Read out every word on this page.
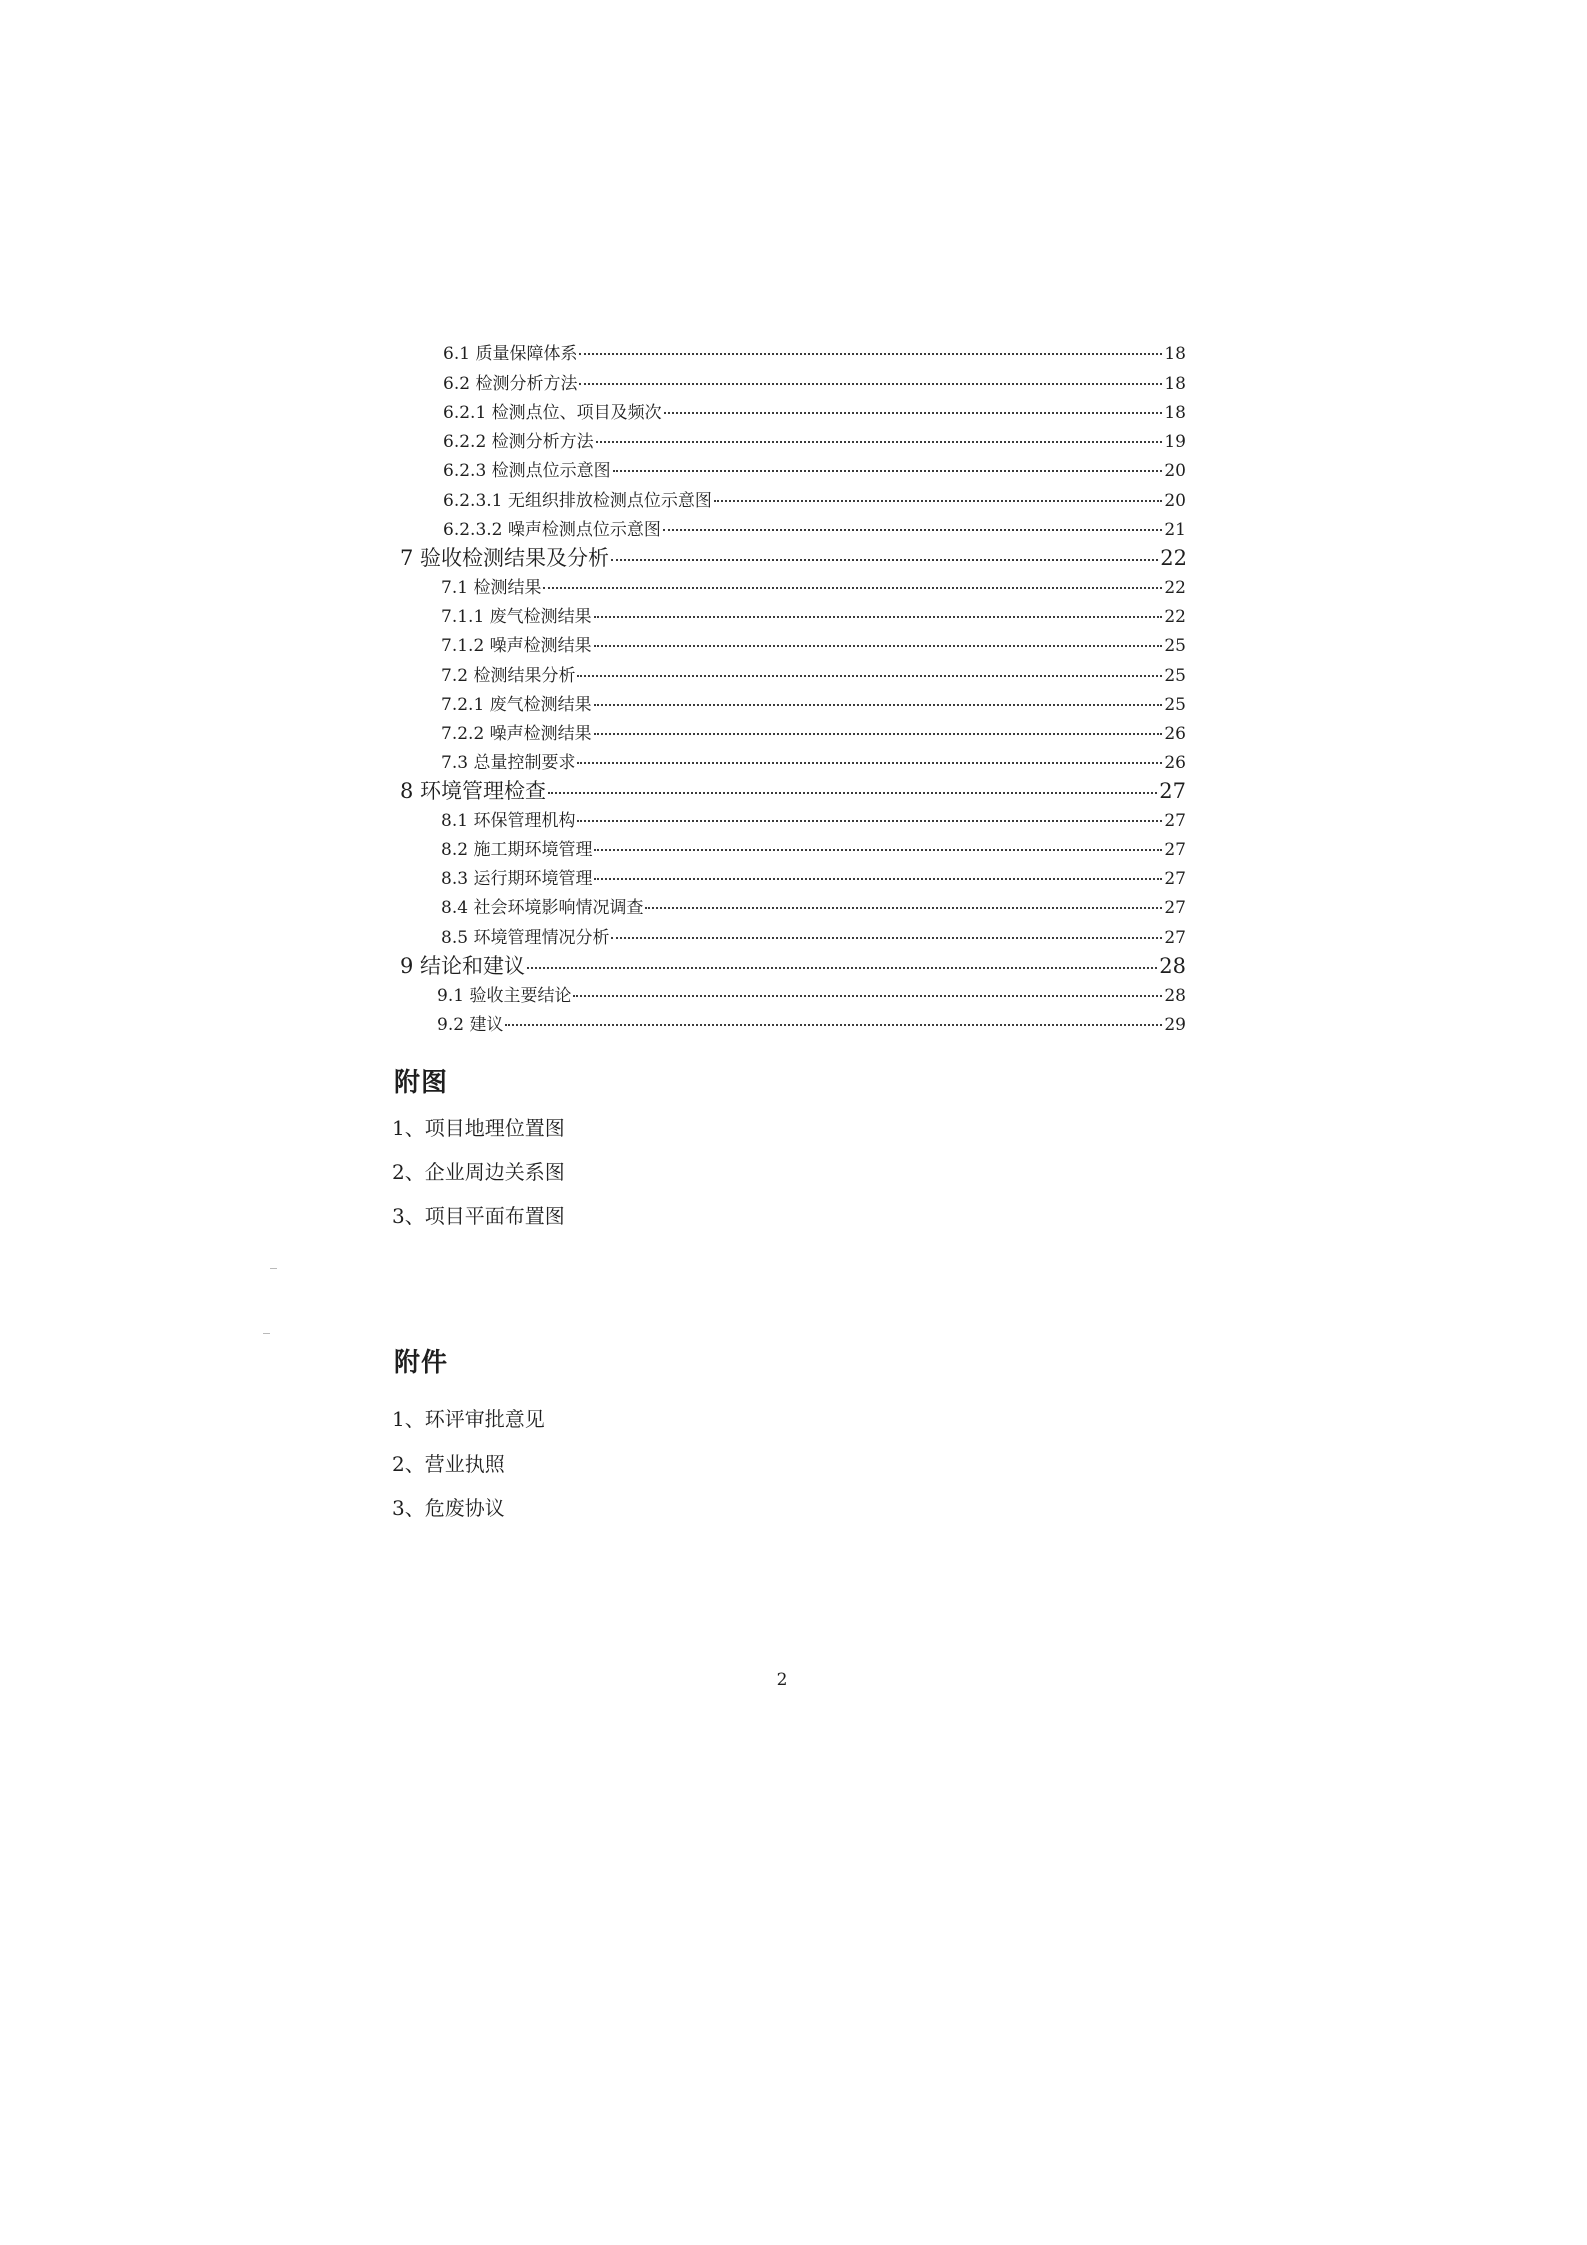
6.1 质量保障体系	18
6.2 检测分析方法	18
6.2.1 检测点位、项目及频次	18
6.2.2 检测分析方法	19
6.2.3 检测点位示意图	20
6.2.3.1 无组织排放检测点位示意图	20
6.2.3.2 噪声检测点位示意图	21
7 验收检测结果及分析	22
7.1 检测结果	22
7.1.1 废气检测结果	22
7.1.2 噪声检测结果	25
7.2 检测结果分析	25
7.2.1 废气检测结果	25
7.2.2 噪声检测结果	26
7.3 总量控制要求	26
8 环境管理检查	27
8.1 环保管理机构	27
8.2 施工期环境管理	27
8.3 运行期环境管理	27
8.4 社会环境影响情况调查	27
8.5 环境管理情况分析	27
9 结论和建议	28
9.1 验收主要结论	28
9.2 建议	29
附图
1、项目地理位置图
2、企业周边关系图
3、项目平面布置图
附件
1、环评审批意见
2、营业执照
3、危废协议
2
